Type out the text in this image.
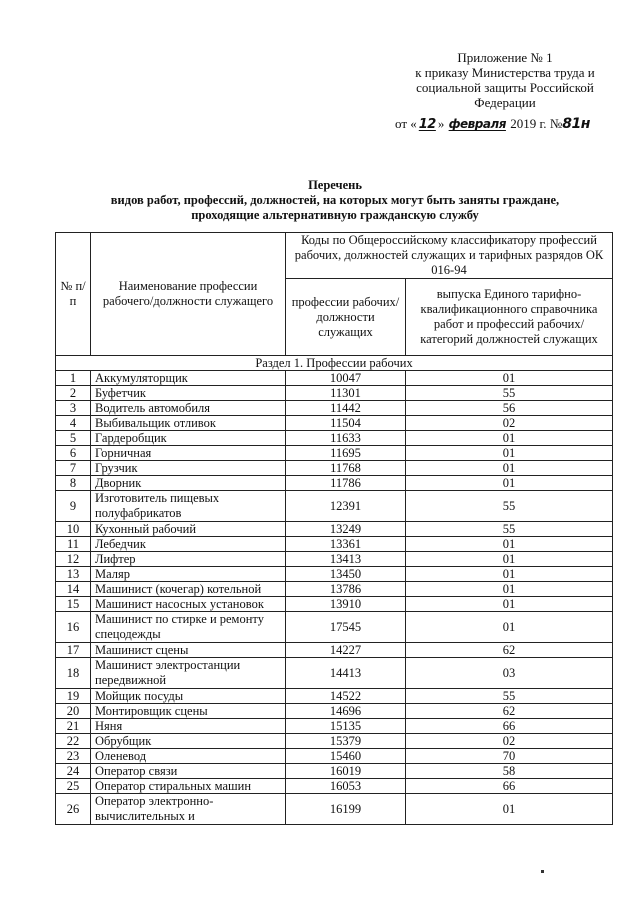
Приложение № 1
к приказу Министерства труда и
социальной защиты Российской
Федерации
от « 12 » февраля 2019 г. №81н
Перечень
видов работ, профессий, должностей, на которых могут быть заняты граждане,
проходящие альтернативную гражданскую службу
№ п/п	Наименование профессии рабочего/должности служащего	Коды по Общероссийскому классификатору профессий рабочих, должностей служащих и тарифных разрядов ОК 016-94	
		профессии рабочих/должности служащих	выпуска Единого тарифно-квалификационного справочника работ и профессий рабочих/категорий должностей служащих
Раздел 1. Профессии рабочих			
1	Аккумуляторщик	10047	01
2	Буфетчик	11301	55
3	Водитель автомобиля	11442	56
4	Выбивальщик отливок	11504	02
5	Гардеробщик	11633	01
6	Горничная	11695	01
7	Грузчик	11768	01
8	Дворник	11786	01
9	Изготовитель пищевых полуфабрикатов	12391	55
10	Кухонный рабочий	13249	55
11	Лебедчик	13361	01
12	Лифтер	13413	01
13	Маляр	13450	01
14	Машинист (кочегар) котельной	13786	01
15	Машинист насосных установок	13910	01
16	Машинист по стирке и ремонту спецодежды	17545	01
17	Машинист сцены	14227	62
18	Машинист электростанции передвижной	14413	03
19	Мойщик посуды	14522	55
20	Монтировщик сцены	14696	62
21	Няня	15135	66
22	Обрубщик	15379	02
23	Оленевод	15460	70
24	Оператор связи	16019	58
25	Оператор стиральных машин	16053	66
26	Оператор электронно-вычислительных и	16199	01
